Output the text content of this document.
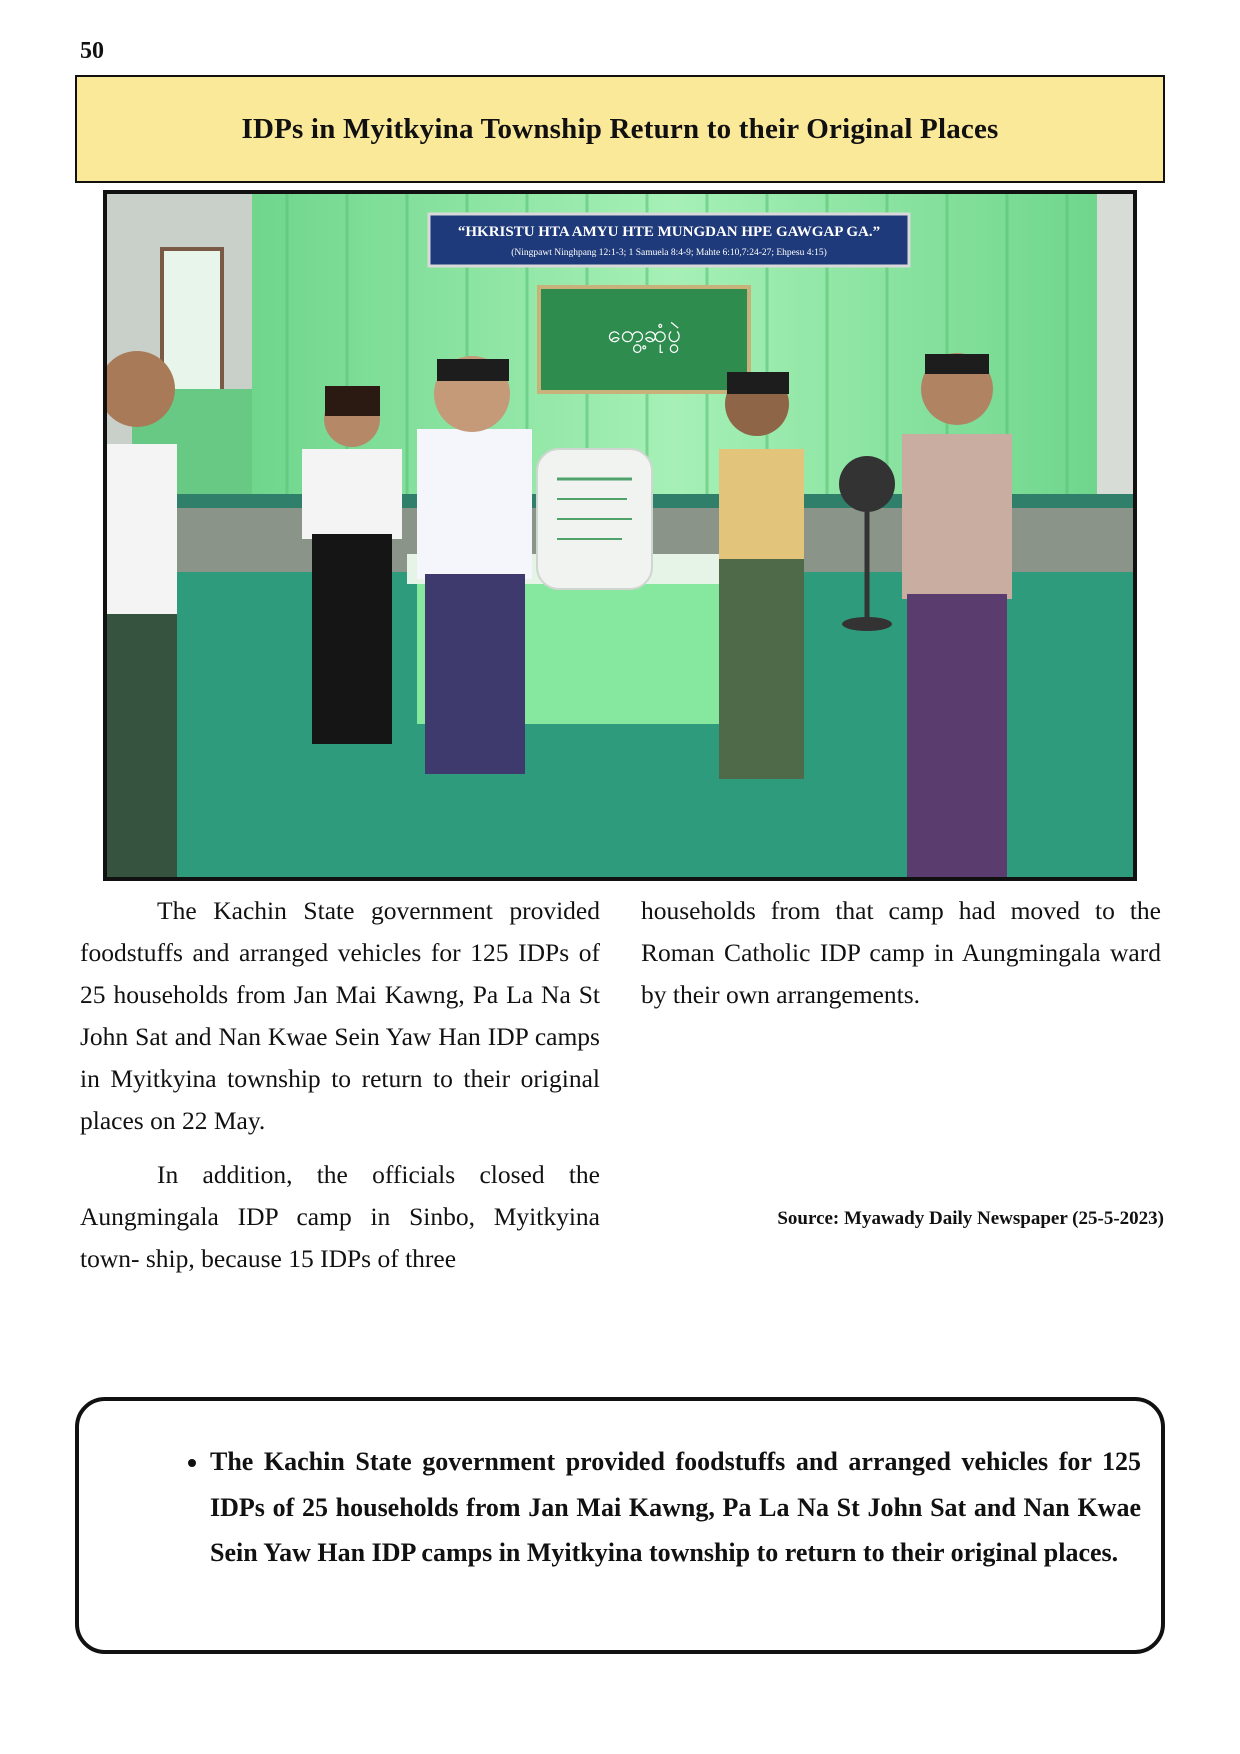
50
IDPs in Myitkyina Township Return to their Original Places
“HKRISTU HTA AMYU HTE MUNGDAN HPE GAWGAP GA.”
(Ningpawt Ninghpang 12:1-3; 1 Samuela 8:4-9; Mahte 6:10,7:24-27; Ehpesu 4:15)
တွေ့ဆုံပွဲ

The Kachin State government provided foodstuffs and arranged vehicles for 125 IDPs of 25 households from Jan Mai Kawng, Pa La Na St John Sat and Nan Kwae Sein Yaw Han IDP camps in Myitkyina township to return to their original places on 22 May.

In addition, the officials closed the Aungmingala IDP camp in Sinbo, Myitkyina town- ship, because 15 IDPs of three

households from that camp had moved to the Roman Catholic IDP camp in Aungmingala ward by their own arrangements.

Source: Myawady Daily Newspaper (25-5-2023)
• The Kachin State government provided foodstuffs and arranged vehicles for 125 IDPs of 25 households from Jan Mai Kawng, Pa La Na St John Sat and Nan Kwae Sein Yaw Han IDP camps in Myitkyina township to return to their original places.
